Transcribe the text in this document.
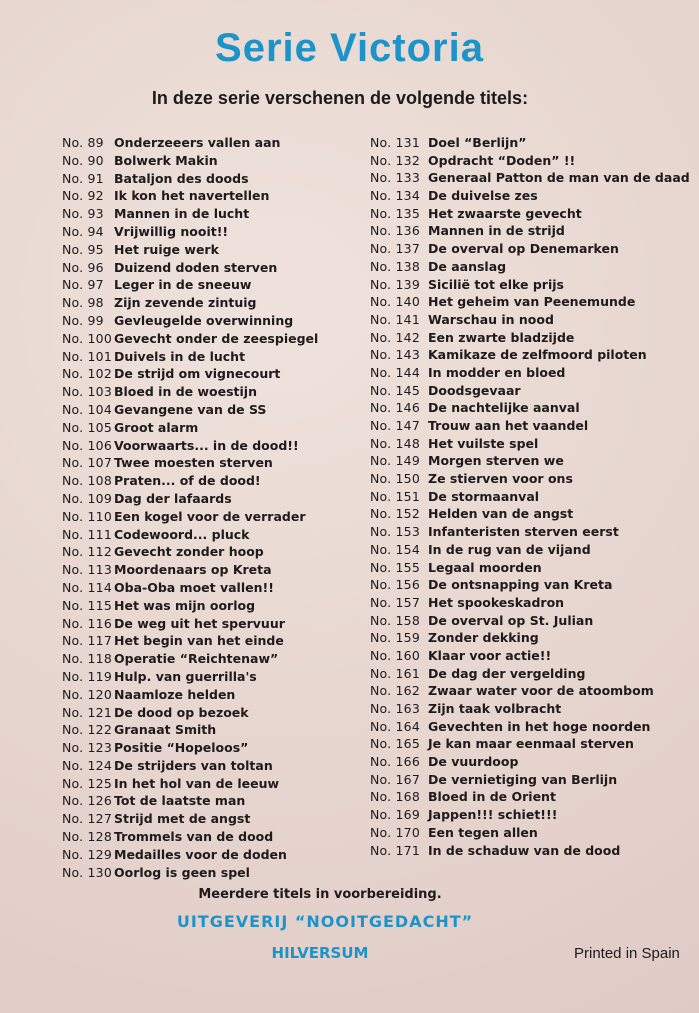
Serie Victoria
In deze serie verschenen de volgende titels:
No. 89 Onderzeeers vallen aan
No. 90 Bolwerk Makin
No. 91 Bataljon des doods
No. 92 Ik kon het navertellen
No. 93 Mannen in de lucht
No. 94 Vrijwillig nooit!!
No. 95 Het ruige werk
No. 96 Duizend doden sterven
No. 97 Leger in de sneeuw
No. 98 Zijn zevende zintuig
No. 99 Gevleugelde overwinning
No. 100 Gevecht onder de zeespiegel
No. 101 Duivels in de lucht
No. 102 De strijd om vignecourt
No. 103 Bloed in de woestijn
No. 104 Gevangene van de SS
No. 105 Groot alarm
No. 106 Voorwaarts... in de dood!!
No. 107 Twee moesten sterven
No. 108 Praten... of de dood!
No. 109 Dag der lafaards
No. 110 Een kogel voor de verrader
No. 111 Codewoord... pluck
No. 112 Gevecht zonder hoop
No. 113 Moordenaars op Kreta
No. 114 Oba-Oba moet vallen!!
No. 115 Het was mijn oorlog
No. 116 De weg uit het spervuur
No. 117 Het begin van het einde
No. 118 Operatie “Reichtenaw”
No. 119 Hulp. van guerrilla's
No. 120 Naamloze helden
No. 121 De dood op bezoek
No. 122 Granaat Smith
No. 123 Positie “Hopeloos”
No. 124 De strijders van toltan
No. 125 In het hol van de leeuw
No. 126 Tot de laatste man
No. 127 Strijd met de angst
No. 128 Trommels van de dood
No. 129 Medailles voor de doden
No. 130 Oorlog is geen spel
No. 131 Doel “Berlijn”
No. 132 Opdracht “Doden” !!
No. 133 Generaal Patton de man van de daad
No. 134 De duivelse zes
No. 135 Het zwaarste gevecht
No. 136 Mannen in de strijd
No. 137 De overval op Denemarken
No. 138 De aanslag
No. 139 Sicilië tot elke prijs
No. 140 Het geheim van Peenemunde
No. 141 Warschau in nood
No. 142 Een zwarte bladzijde
No. 143 Kamikaze de zelfmoord piloten
No. 144 In modder en bloed
No. 145 Doodsgevaar
No. 146 De nachtelijke aanval
No. 147 Trouw aan het vaandel
No. 148 Het vuilste spel
No. 149 Morgen sterven we
No. 150 Ze stierven voor ons
No. 151 De stormaanval
No. 152 Helden van de angst
No. 153 Infanteristen sterven eerst
No. 154 In de rug van de vijand
No. 155 Legaal moorden
No. 156 De ontsnapping van Kreta
No. 157 Het spookeskadron
No. 158 De overval op St. Julian
No. 159 Zonder dekking
No. 160 Klaar voor actie!!
No. 161 De dag der vergelding
No. 162 Zwaar water voor de atoombom
No. 163 Zijn taak volbracht
No. 164 Gevechten in het hoge noorden
No. 165 Je kan maar eenmaal sterven
No. 166 De vuurdoop
No. 167 De vernietiging van Berlijn
No. 168 Bloed in de Orient
No. 169 Jappen!!! schiet!!!
No. 170 Een tegen allen
No. 171 In de schaduw van de dood
Meerdere titels in voorbereiding.
UITGEVERIJ “NOOITGEDACHT”
HILVERSUM	Printed in Spain
